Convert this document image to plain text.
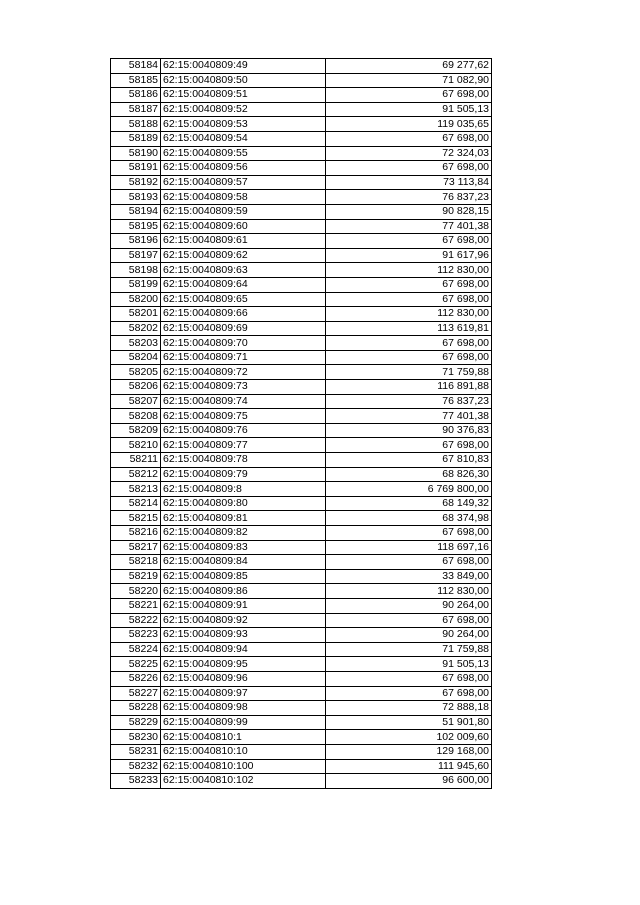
58184	62:15:0040809:49	69 277,62
58185	62:15:0040809:50	71 082,90
58186	62:15:0040809:51	67 698,00
58187	62:15:0040809:52	91 505,13
58188	62:15:0040809:53	119 035,65
58189	62:15:0040809:54	67 698,00
58190	62:15:0040809:55	72 324,03
58191	62:15:0040809:56	67 698,00
58192	62:15:0040809:57	73 113,84
58193	62:15:0040809:58	76 837,23
58194	62:15:0040809:59	90 828,15
58195	62:15:0040809:60	77 401,38
58196	62:15:0040809:61	67 698,00
58197	62:15:0040809:62	91 617,96
58198	62:15:0040809:63	112 830,00
58199	62:15:0040809:64	67 698,00
58200	62:15:0040809:65	67 698,00
58201	62:15:0040809:66	112 830,00
58202	62:15:0040809:69	113 619,81
58203	62:15:0040809:70	67 698,00
58204	62:15:0040809:71	67 698,00
58205	62:15:0040809:72	71 759,88
58206	62:15:0040809:73	116 891,88
58207	62:15:0040809:74	76 837,23
58208	62:15:0040809:75	77 401,38
58209	62:15:0040809:76	90 376,83
58210	62:15:0040809:77	67 698,00
58211	62:15:0040809:78	67 810,83
58212	62:15:0040809:79	68 826,30
58213	62:15:0040809:8	6 769 800,00
58214	62:15:0040809:80	68 149,32
58215	62:15:0040809:81	68 374,98
58216	62:15:0040809:82	67 698,00
58217	62:15:0040809:83	118 697,16
58218	62:15:0040809:84	67 698,00
58219	62:15:0040809:85	33 849,00
58220	62:15:0040809:86	112 830,00
58221	62:15:0040809:91	90 264,00
58222	62:15:0040809:92	67 698,00
58223	62:15:0040809:93	90 264,00
58224	62:15:0040809:94	71 759,88
58225	62:15:0040809:95	91 505,13
58226	62:15:0040809:96	67 698,00
58227	62:15:0040809:97	67 698,00
58228	62:15:0040809:98	72 888,18
58229	62:15:0040809:99	51 901,80
58230	62:15:0040810:1	102 009,60
58231	62:15:0040810:10	129 168,00
58232	62:15:0040810:100	111 945,60
58233	62:15:0040810:102	96 600,00
